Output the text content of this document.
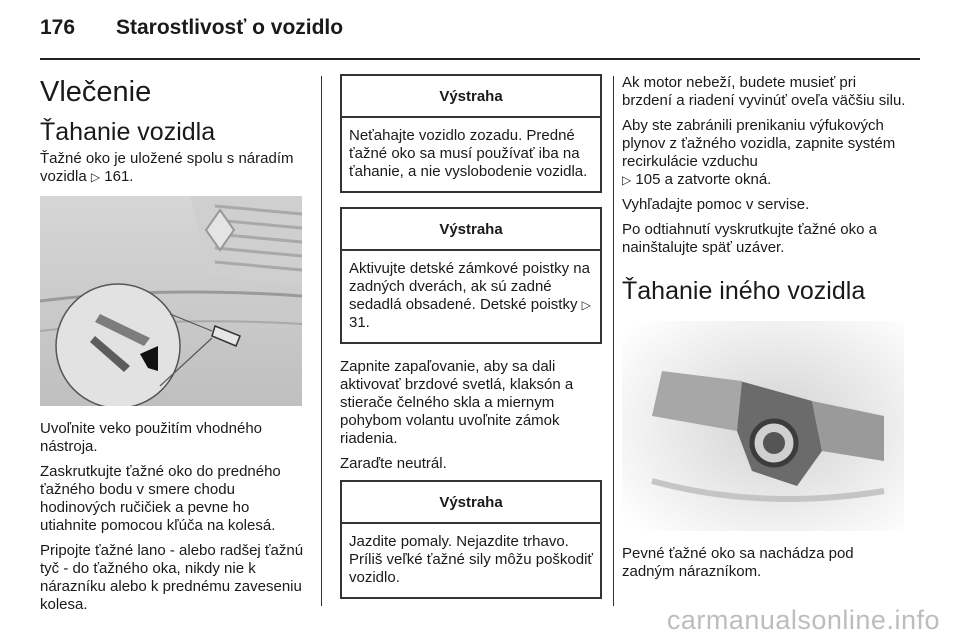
176 Starostlivosť o vozidlo
Vlečenie
Ťahanie vozidla

Ťažné oko je uložené spolu s náradím vozidla ▷ 161.

Uvoľnite veko použitím vhodného nástroja.

Zaskrutkujte ťažné oko do predného ťažného bodu v smere chodu hodinových ručičiek a pevne ho utiahnite pomocou kľúča na kolesá.

Pripojte ťažné lano - alebo radšej ťažnú tyč - do ťažného oka, nikdy nie k nárazníku alebo k prednému zaveseniu kolesa.

Výstraha
Neťahajte vozidlo zozadu. Predné ťažné oko sa musí používať iba na ťahanie, a nie vyslobodenie vozidla.
Výstraha
Aktivujte detské zámkové poistky na zadných dverách, ak sú zadné sedadlá obsadené. Detské poistky ▷ 31.

Zapnite zapaľovanie, aby sa dali aktivovať brzdové svetlá, klaksón a stierače čelného skla a miernym pohybom volantu uvoľnite zámok riadenia.

Zaraďte neutrál.

Výstraha
Jazdite pomaly. Nejazdite trhavo. Príliš veľké ťažné sily môžu poškodiť vozidlo.

Ak motor nebeží, budete musieť pri brzdení a riadení vyvinúť oveľa väčšiu silu.

Aby ste zabránili prenikaniu výfukových plynov z ťažného vozidla, zapnite systém recirkulácie vzduchu
▷ 105 a zatvorte okná.

Vyhľadajte pomoc v servise.

Po odtiahnutí vyskrutkujte ťažné oko a nainštalujte späť uzáver.

Ťahanie iného vozidla

Pevné ťažné oko sa nachádza pod zadným nárazníkom.

carmanualsonline.info
